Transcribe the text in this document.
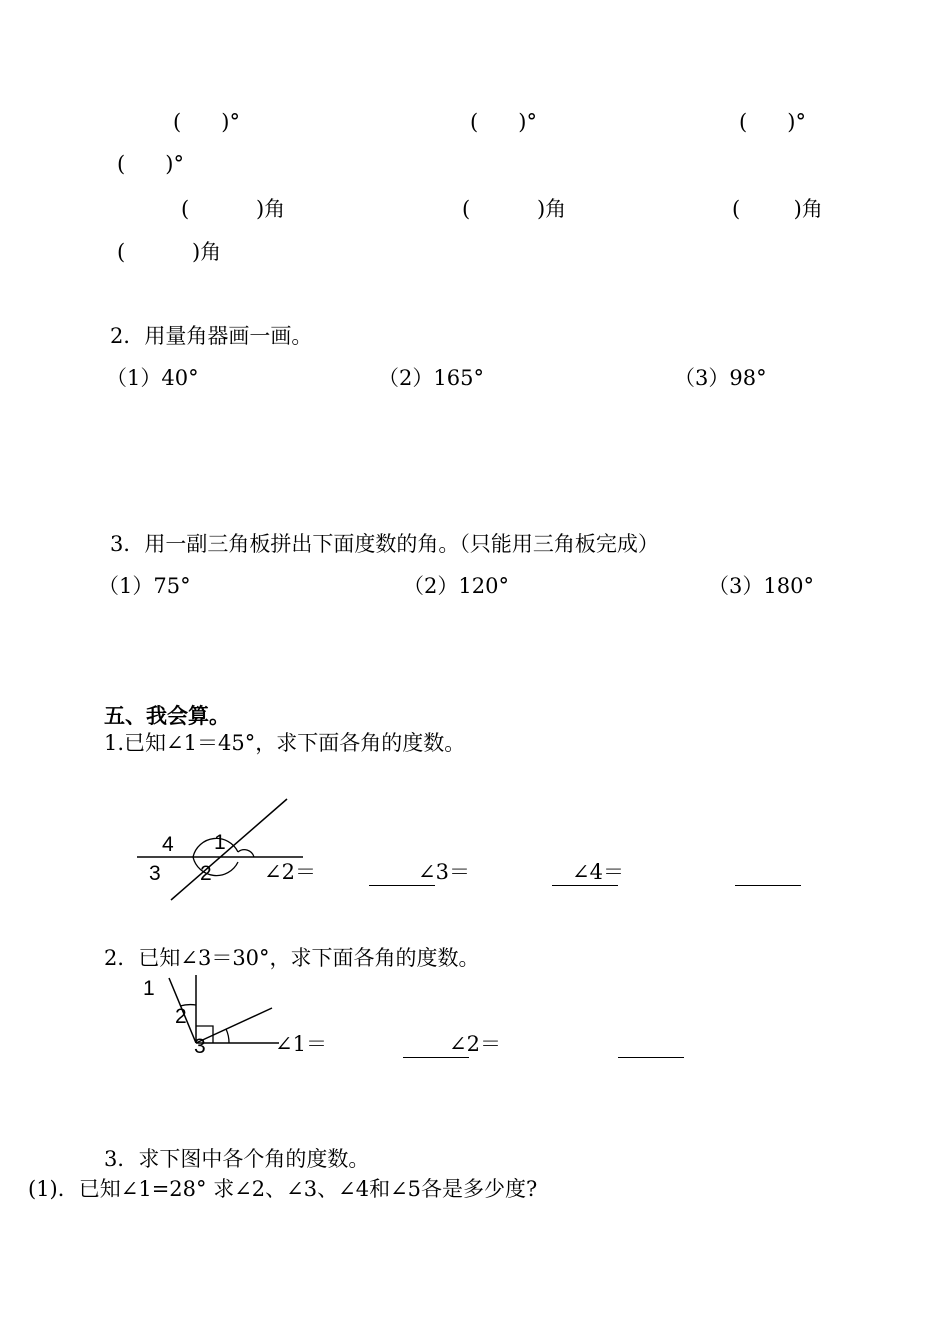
(      )°	(      )°	(      )°
(      )°
(          )角	(          )角	(        )角
(          )角
2．用量角器画一画。
（1）40°	（2）165°	（3）98°
3．用一副三角板拼出下面度数的角。（只能用三角板完成）
（1）75°	（2）120°	（3）180°
五、我会算。
1.已知∠1＝45°，求下面各角的度数。
4 1
3 2 ∠2＝	∠3＝	∠4＝
2．已知∠3＝30°，求下面各角的度数。
1
2
3	∠1＝	∠2＝
3．求下图中各个角的度数。
(1)．已知∠1=28° 求∠2、∠3、∠4和∠5各是多少度?
